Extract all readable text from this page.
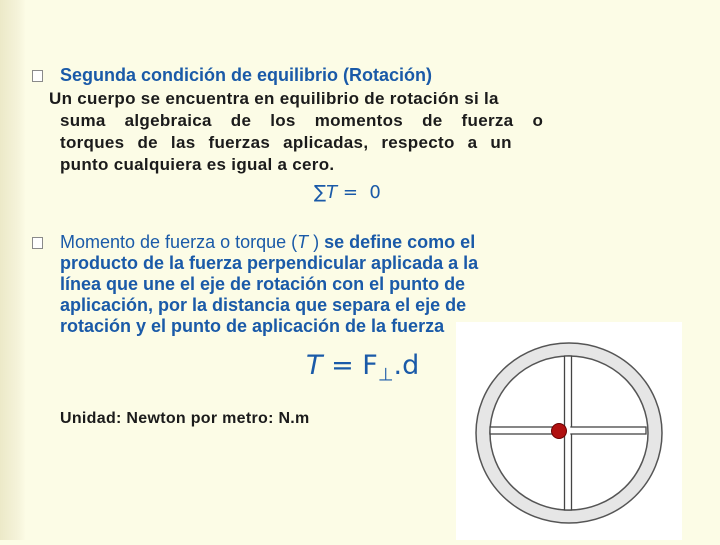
Segunda condición de equilibrio (Rotación)
Un cuerpo se encuentra en equilibrio de rotación si la
suma algebraica de los momentos de fuerza o
torques de las fuerzas aplicadas, respecto a un
punto cualquiera es igual a cero.
∑T =  0
Momento de fuerza o torque (T ) se define como el
producto de la fuerza perpendicular aplicada a la
línea que une el eje de rotación con el punto de
aplicación, por la distancia que separa el eje de
rotación y el punto de aplicación de la fuerza
$T = F_\perp.d$
Unidad: Newton por metro: N.m
